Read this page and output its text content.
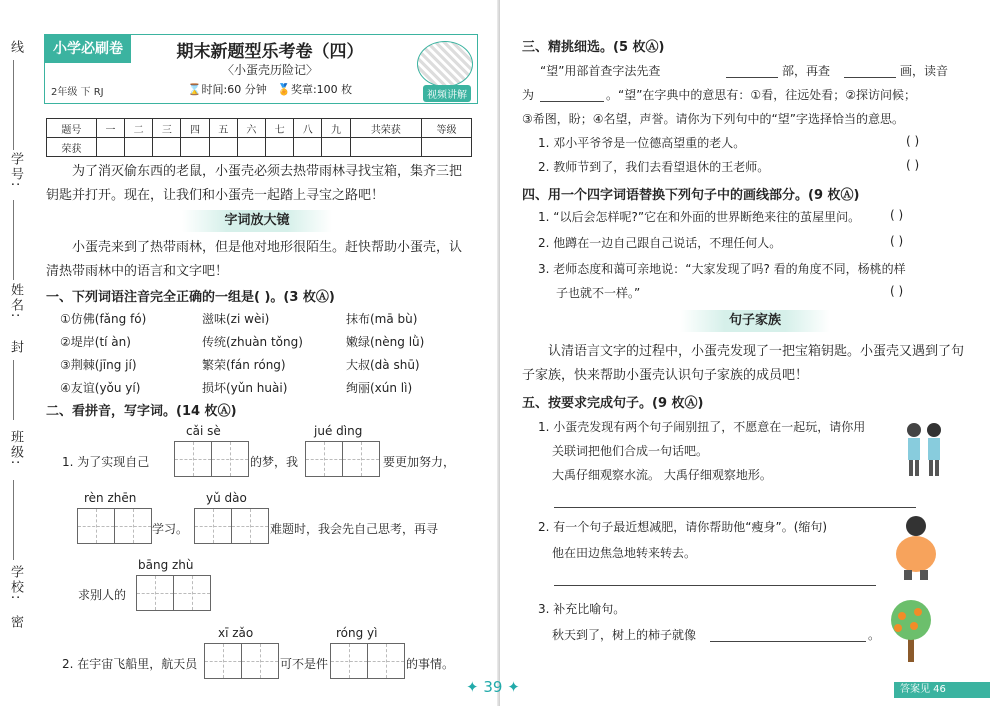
线
学号:
姓名:
封
班级:
学校:
密
小学必刷卷
2年级 下 RJ
期末新题型乐考卷（四）
〈小蛋壳历险记〉
⌛时间:60 分钟 🏅奖章:100 枚	视频讲解
题号	一	二	三	四	五	六	七	八	九	共荣获	等级
荣获											
为了消灭偷东西的老鼠，小蛋壳必须去热带雨林寻找宝箱，集齐三把钥匙并打开。现在，让我们和小蛋壳一起踏上寻宝之路吧！
字词放大镜
小蛋壳来到了热带雨林，但是他对地形很陌生。赶快帮助小蛋壳，认清热带雨林中的语言和文字吧！
一、下列词语注音完全正确的一组是( )。(3 枚Ⓐ)
①仿佛(fǎng fó)	滋味(zi wèi)	抹布(mā bù)
②堤岸(tí àn)	传统(zhuàn tǒng)	嫩绿(nèng lǜ)
③荆棘(jīng jí)	繁荣(fán róng)	大叔(dà shū)
④友谊(yǒu yí)	损坏(yǔn huài)	绚丽(xún lì)
二、看拼音，写字词。(14 枚Ⓐ)
cǎi sè	jué dìng
1. 为了实现自己	的梦，我	要更加努力，
rèn zhēn	yǔ dào
学习。	难题时，我会先自己思考，再寻
bāng zhù
求别人的
xī zǎo	róng yì
2. 在宇宙飞船里，航天员	可不是件	的事情。
三、精挑细选。(5 枚Ⓐ)
“望”用部首查字法先查	部，再查	画，读音
为	。“望”在字典中的意思有：①看，往远处看；②探访问候；
③希图，盼；④名望，声誉。请你为下列句中的“望”字选择恰当的意思。
1. 邓小平爷爷是一位德高望重的老人。	( )
2. 教师节到了，我们去看望退休的王老师。	( )
四、用一个四字词语替换下列句子中的画线部分。(9 枚Ⓐ)
1. “以后会怎样呢?”它在和外面的世界断绝来往的茧屋里问。 ( )
2. 他蹲在一边自己跟自己说话，不理任何人。	( )
3. 老师态度和蔼可亲地说：“大家发现了吗? 看的角度不同，杨桃的样
子也就不一样。”	( )
句子家族
认清语言文字的过程中，小蛋壳发现了一把宝箱钥匙。小蛋壳又遇到了句子家族，快来帮助小蛋壳认识句子家族的成员吧！
五、按要求完成句子。(9 枚Ⓐ)
1. 小蛋壳发现有两个句子闹别扭了，不愿意在一起玩，请你用
关联词把他们合成一句话吧。
大禹仔细观察水流。 大禹仔细观察地形。
2. 有一个句子最近想减肥，请你帮助他“瘦身”。(缩句)
他在田边焦急地转来转去。
3. 补充比喻句。
秋天到了，树上的柿子就像	。
答案见 46
✦ 39 ✦
